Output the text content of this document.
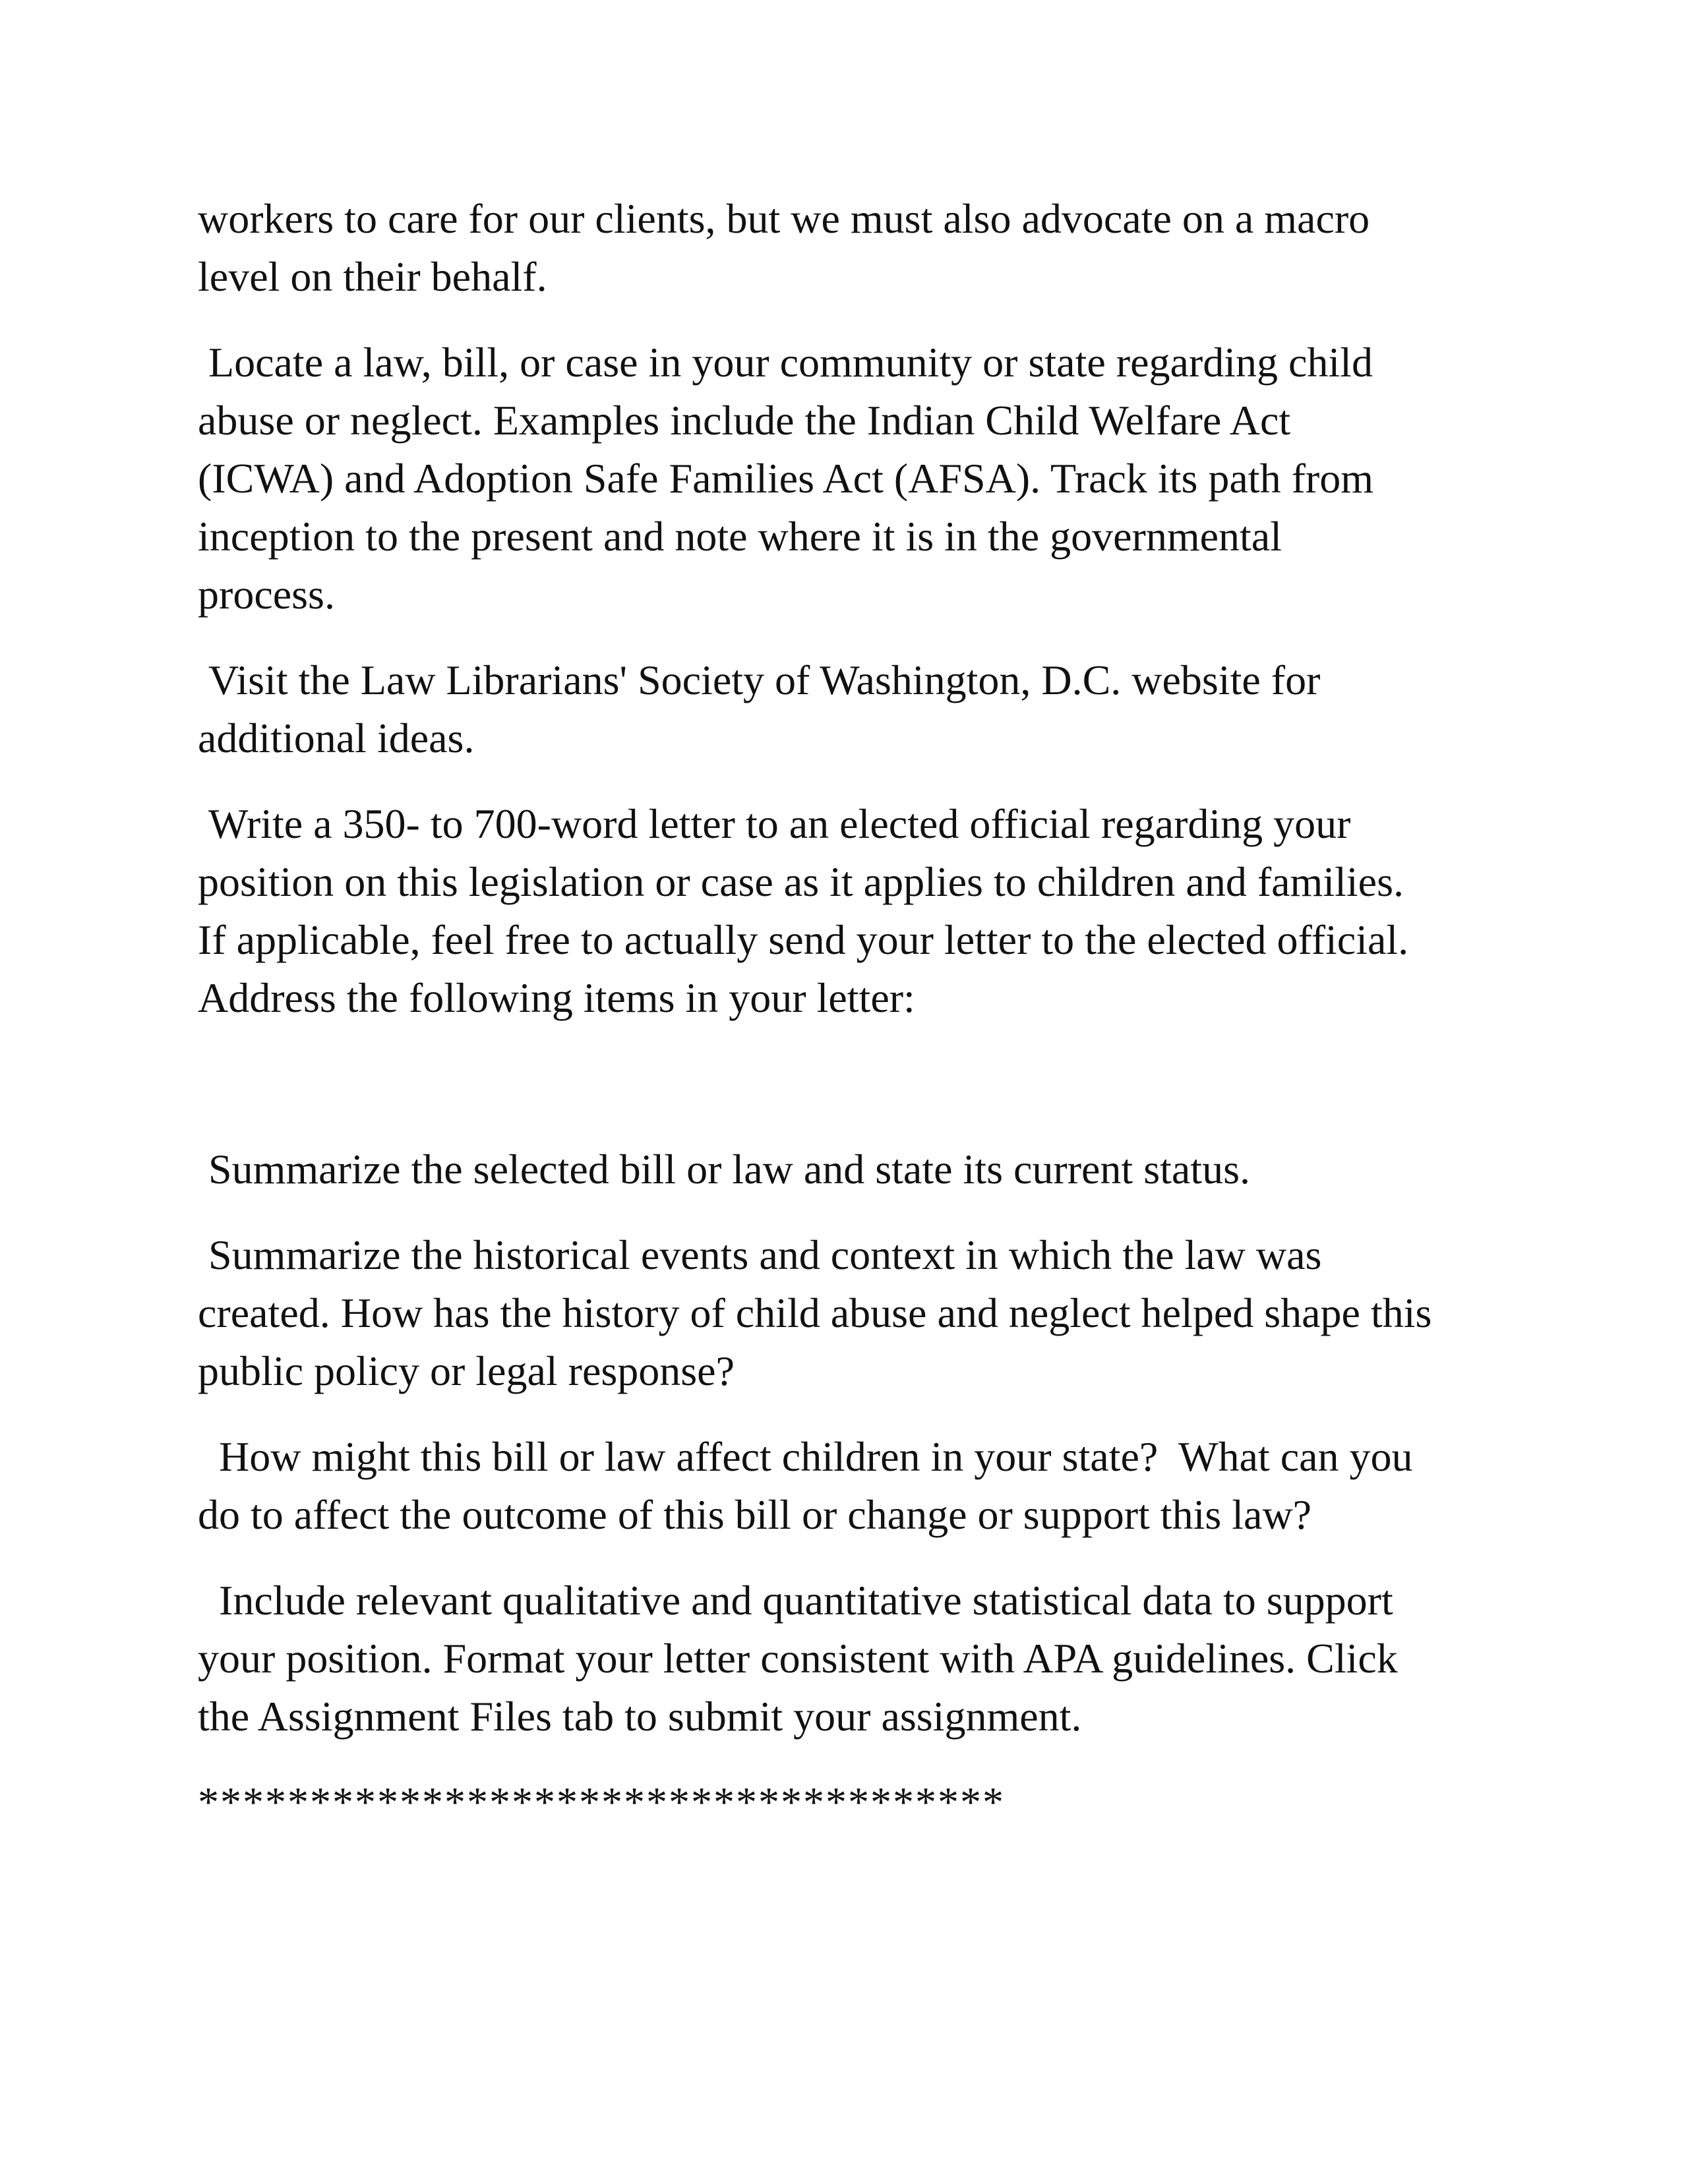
workers to care for our clients, but we must also advocate on a macro
level on their behalf.

Locate a law, bill, or case in your community or state regarding child
abuse or neglect. Examples include the Indian Child Welfare Act
(ICWA) and Adoption Safe Families Act (AFSA). Track its path from
inception to the present and note where it is in the governmental
process.

Visit the Law Librarians' Society of Washington, D.C. website for
additional ideas.

Write a 350- to 700-word letter to an elected official regarding your
position on this legislation or case as it applies to children and families.
If applicable, feel free to actually send your letter to the elected official.
Address the following items in your letter:

Summarize the selected bill or law and state its current status.

Summarize the historical events and context in which the law was
created. How has the history of child abuse and neglect helped shape this
public policy or legal response?

How might this bill or law affect children in your state?  What can you
do to affect the outcome of this bill or change or support this law?

Include relevant qualitative and quantitative statistical data to support
your position. Format your letter consistent with APA guidelines. Click
the Assignment Files tab to submit your assignment.

************************************
